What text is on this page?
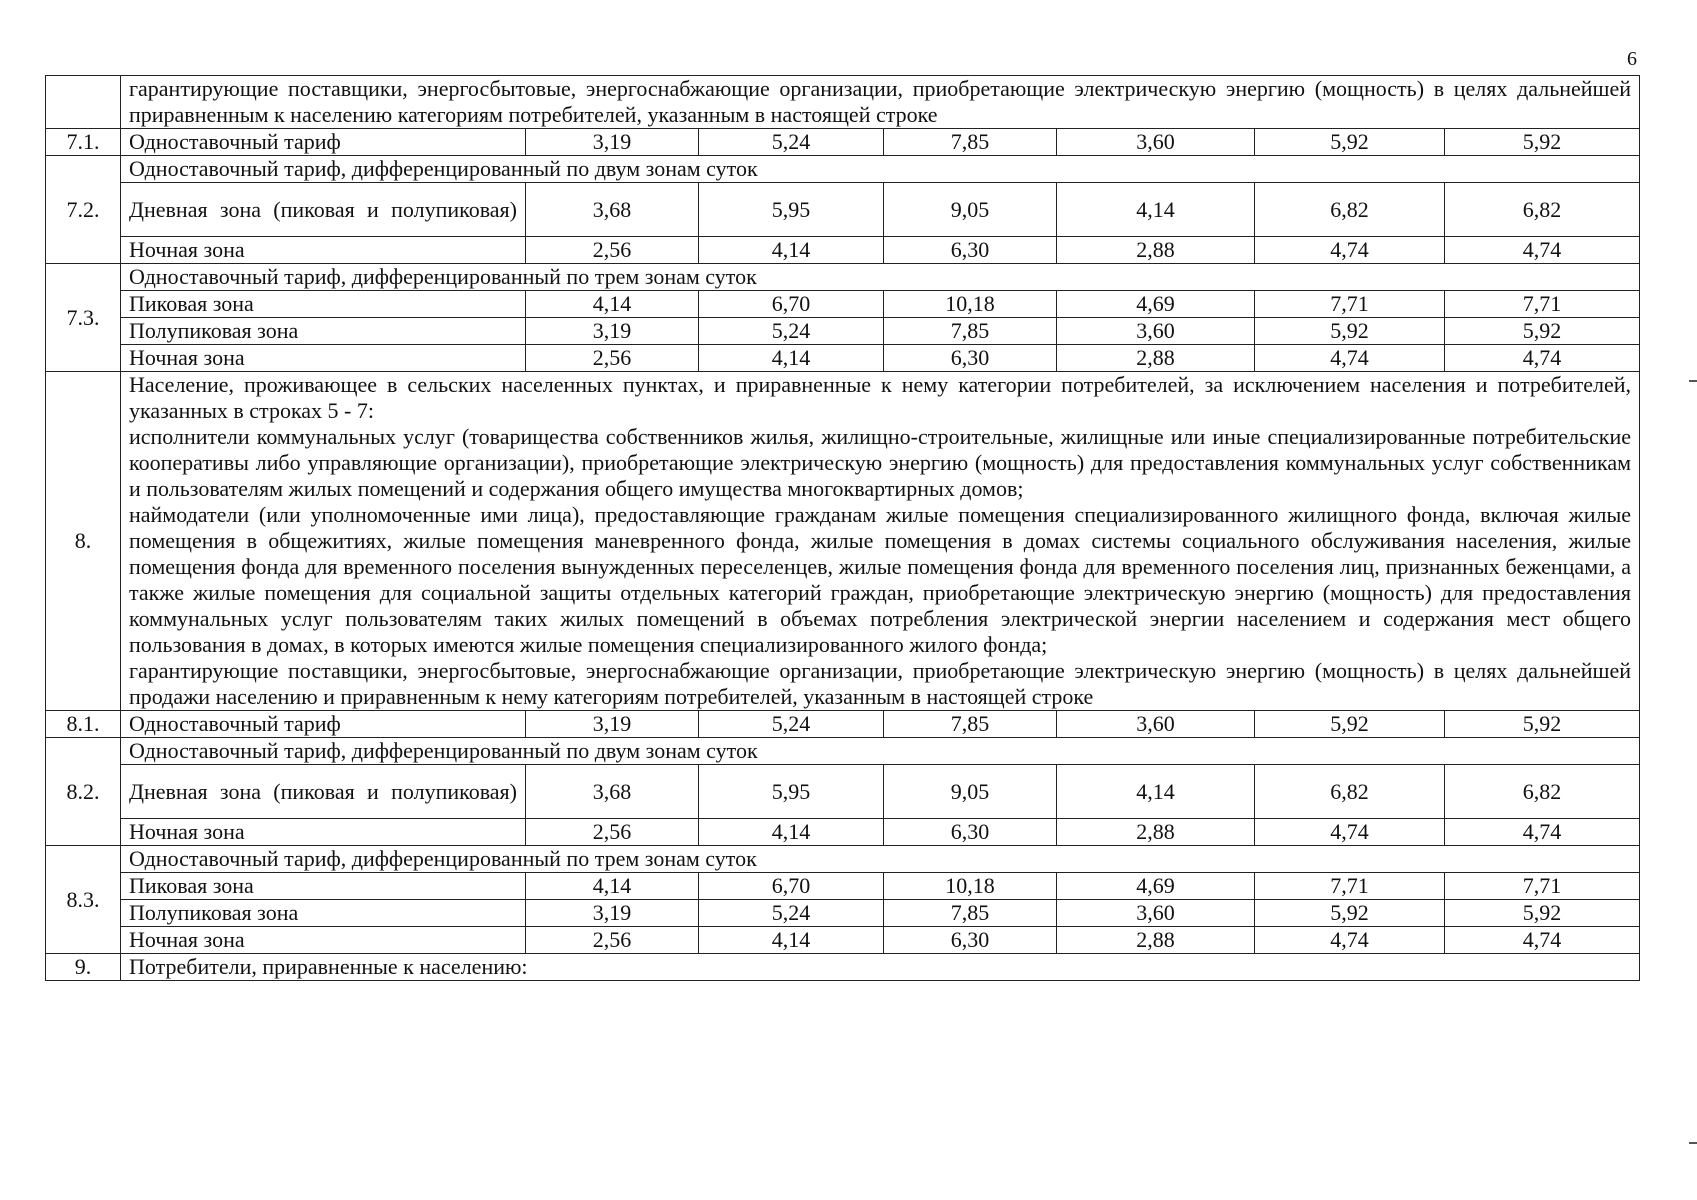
6

	гарантирующие поставщики, энергосбытовые, энергоснабжающие организации, приобретающие электрическую энергию (мощность) в целях дальнейшей приравненным к населению категориям потребителей, указанным в настоящей строке						

7.1.	Одноставочный тариф	3,19	5,24	7,85	3,60	5,92	5,92
7.2.	Одноставочный тариф, дифференцированный по двум зонам суток						

	Дневная зона (пиковая и полупиковая)	3,68	5,95	9,05	4,14	6,82	6,82
	Ночная зона	2,56	4,14	6,30	2,88	4,74	4,74
7.3.	Одноставочный тариф, дифференцированный по трем зонам суток						
	Пиковая зона	4,14	6,70	10,18	4,69	7,71	7,71
	Полупиковая зона	3,19	5,24	7,85	3,60	5,92	5,92
	Ночная зона	2,56	4,14	6,30	2,88	4,74	4,74
8.	Население, проживающее в сельских населенных пунктах, и приравненные к нему категории потребителей, за исключением населения и потребителей, указанных в строках 5 - 7:
исполнители коммунальных услуг (товарищества собственников жилья, жилищно-строительные, жилищные или иные специализированные потребительские кооперативы либо управляющие организации), приобретающие электрическую энергию (мощность) для предоставления коммунальных услуг собственникам и пользователям жилых помещений и содержания общего имущества многоквартирных домов;
наймодатели (или уполномоченные ими лица), предоставляющие гражданам жилые помещения специализированного жилищного фонда, включая жилые помещения в общежитиях, жилые помещения маневренного фонда, жилые помещения в домах системы социального обслуживания населения, жилые помещения фонда для временного поселения вынужденных переселенцев, жилые помещения фонда для временного поселения лиц, признанных беженцами, а также жилые помещения для социальной защиты отдельных категорий граждан, приобретающие электрическую энергию (мощность) для предоставления коммунальных услуг пользователям таких жилых помещений в объемах потребления электрической энергии населением и содержания мест общего пользования в домах, в которых имеются жилые помещения специализированного жилого фонда;
гарантирующие поставщики, энергосбытовые, энергоснабжающие организации, приобретающие электрическую энергию (мощность) в целях дальнейшей продажи населению и приравненным к нему категориям потребителей, указанным в настоящей строке						

8.1.	Одноставочный тариф	3,19	5,24	7,85	3,60	5,92	5,92
8.2.	Одноставочный тариф, дифференцированный по двум зонам суток						

	Дневная зона (пиковая и полупиковая)	3,68	5,95	9,05	4,14	6,82	6,82
	Ночная зона	2,56	4,14	6,30	2,88	4,74	4,74
8.3.	Одноставочный тариф, дифференцированный по трем зонам суток						
	Пиковая зона	4,14	6,70	10,18	4,69	7,71	7,71
	Полупиковая зона	3,19	5,24	7,85	3,60	5,92	5,92
	Ночная зона	2,56	4,14	6,30	2,88	4,74	4,74
9.	Потребители, приравненные к населению:						
